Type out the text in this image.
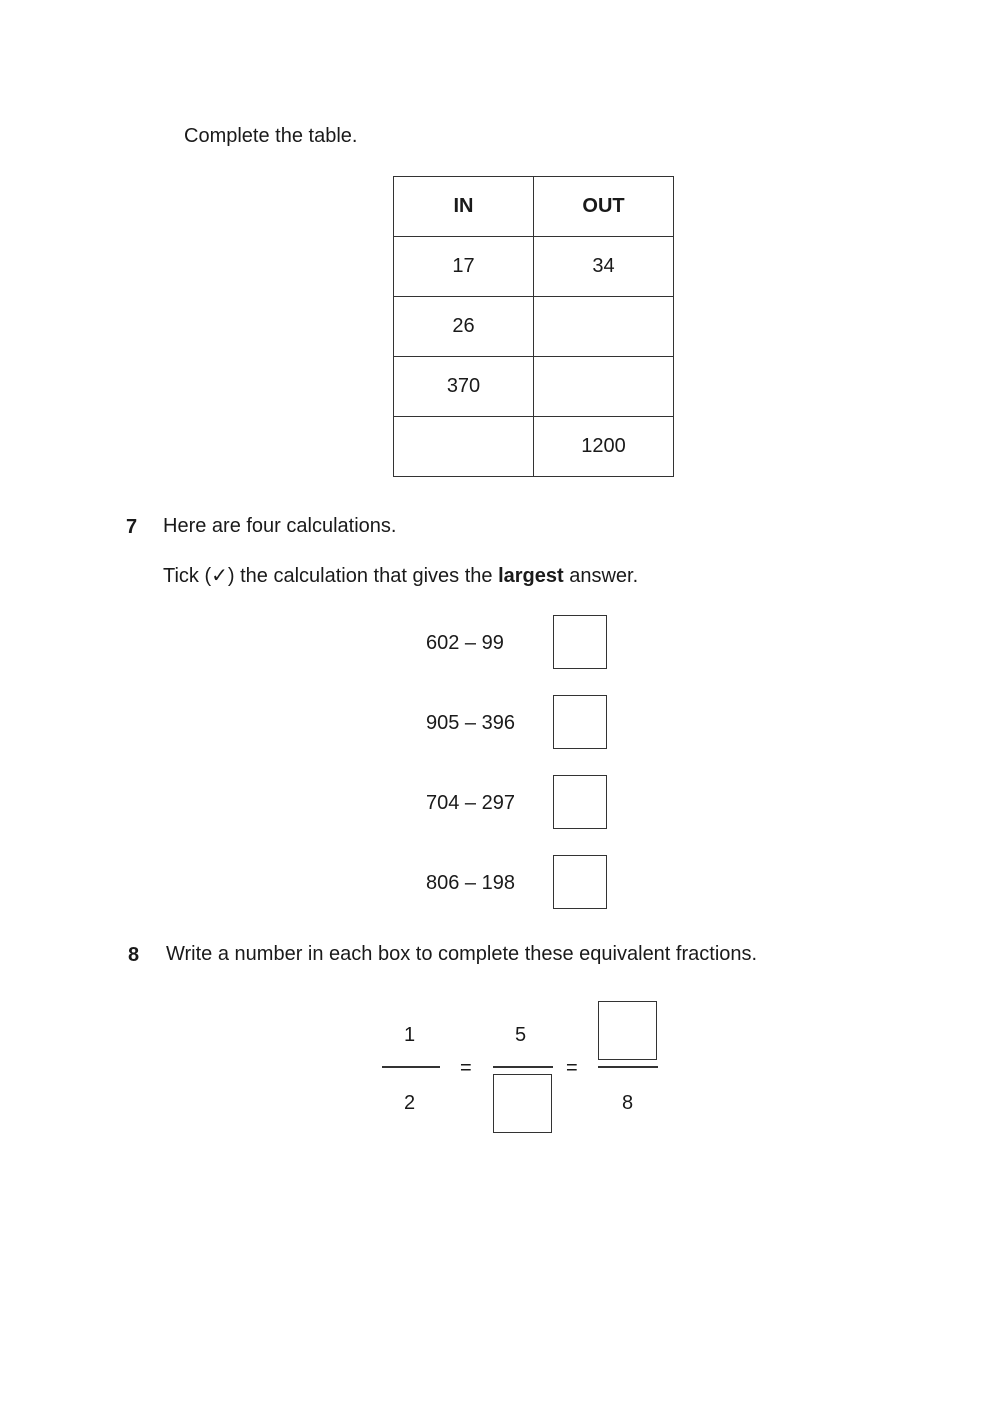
Complete the table.
IN	OUT
17	34
26	
370	
	1200
7 Here are four calculations.
Tick (✓) the calculation that gives the largest answer.
602 – 99
905 – 396
704 – 297
806 – 198
8 Write a number in each box to complete these equivalent fractions.
1
2
=
5
=
8
